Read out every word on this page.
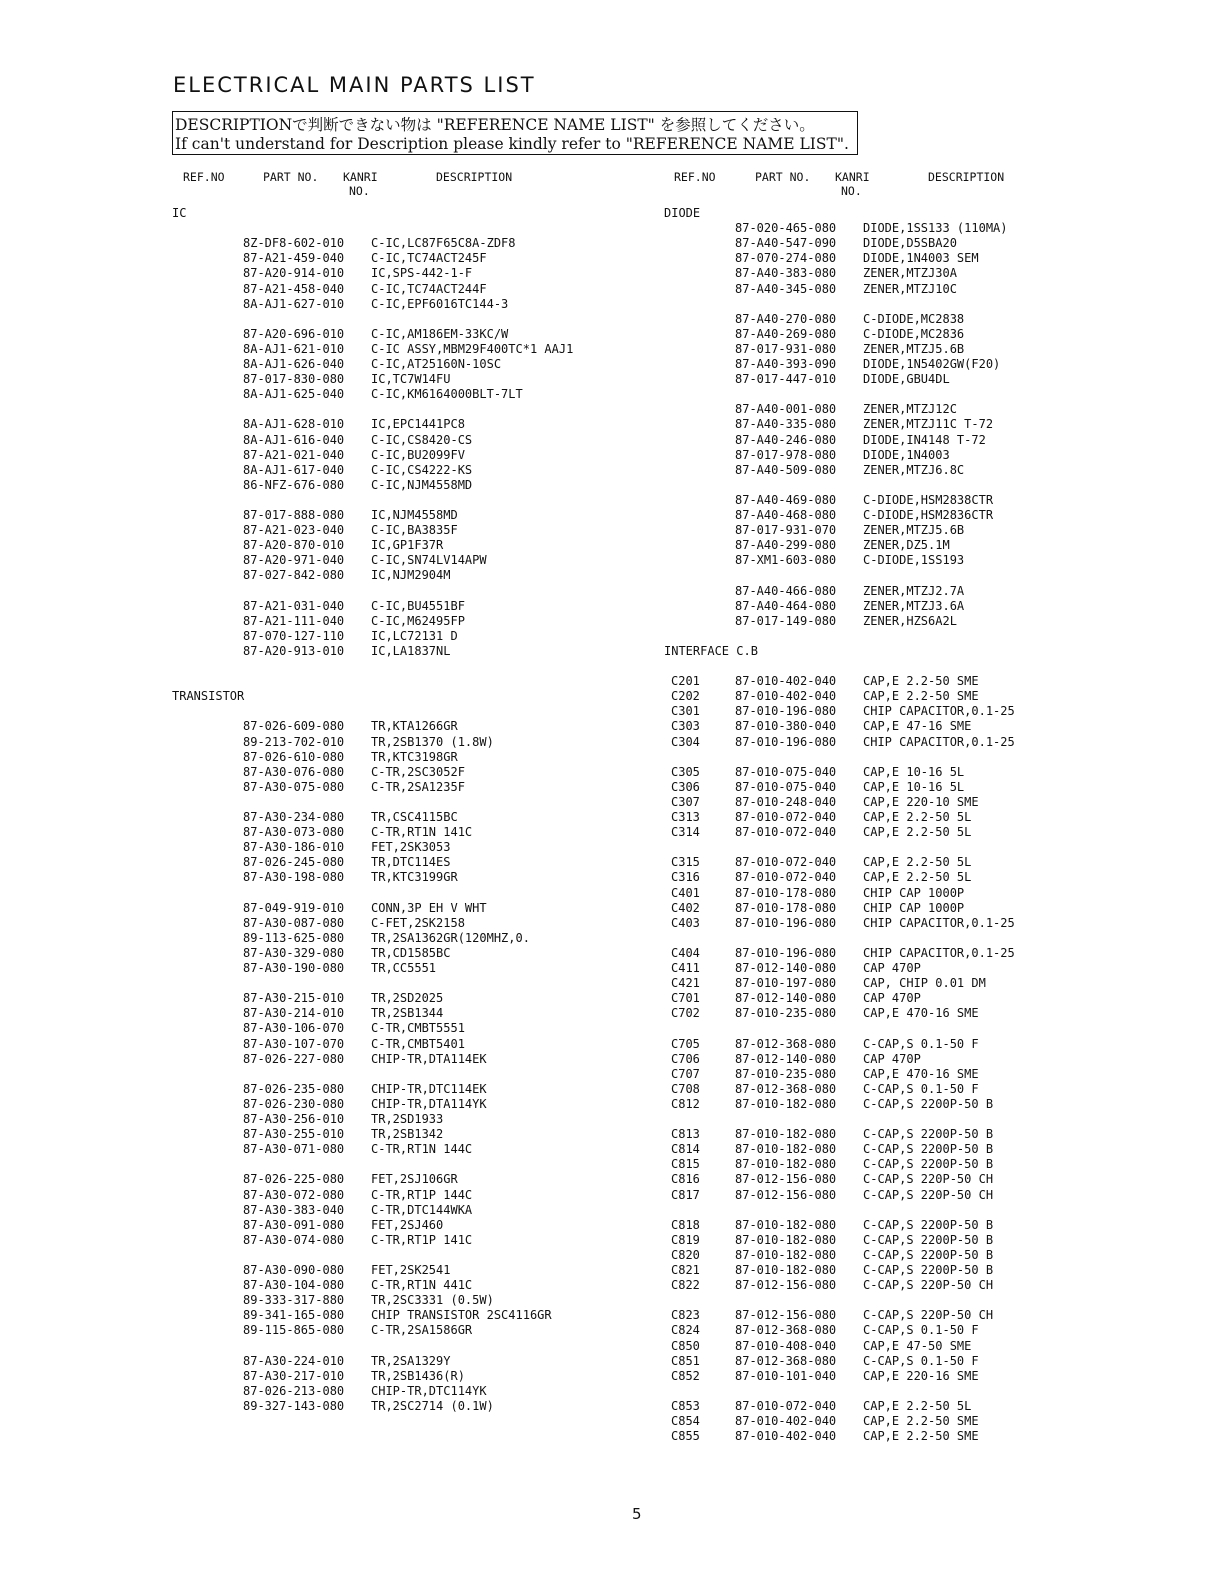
ELECTRICAL MAIN PARTS LIST
DESCRIPTIONで判断できない物は "REFERENCE NAME LIST" を参照してください。
If can't understand for Description please kindly refer to "REFERENCE NAME LIST".
REF.NO	PART NO. KANRI
NO.
DESCRIPTION	REF.NO	PART NO. KANRI
NO.
DESCRIPTION
IC
8Z-DF8-602-010 C-IC,LC87F65C8A-ZDF8
87-A21-459-040 C-IC,TC74ACT245F
87-A20-914-010 IC,SPS-442-1-F
87-A21-458-040 C-IC,TC74ACT244F
8A-AJ1-627-010 C-IC,EPF6016TC144-3
87-A20-696-010 C-IC,AM186EM-33KC/W
8A-AJ1-621-010 C-IC ASSY,MBM29F400TC*1 AAJ1
8A-AJ1-626-040 C-IC,AT25160N-10SC
87-017-830-080 IC,TC7W14FU
8A-AJ1-625-040 C-IC,KM6164000BLT-7LT
8A-AJ1-628-010 IC,EPC1441PC8
8A-AJ1-616-040 C-IC,CS8420-CS
87-A21-021-040 C-IC,BU2099FV
8A-AJ1-617-040 C-IC,CS4222-KS
86-NFZ-676-080 C-IC,NJM4558MD
87-017-888-080 IC,NJM4558MD
87-A21-023-040 C-IC,BA3835F
87-A20-870-010 IC,GP1F37R
87-A20-971-040 C-IC,SN74LV14APW
87-027-842-080 IC,NJM2904M
87-A21-031-040 C-IC,BU4551BF
87-A21-111-040 C-IC,M62495FP
87-070-127-110 IC,LC72131 D
87-A20-913-010 IC,LA1837NL
TRANSISTOR
87-026-609-080 TR,KTA1266GR
89-213-702-010 TR,2SB1370 (1.8W)
87-026-610-080 TR,KTC3198GR
87-A30-076-080 C-TR,2SC3052F
87-A30-075-080 C-TR,2SA1235F
87-A30-234-080 TR,CSC4115BC
87-A30-073-080 C-TR,RT1N 141C
87-A30-186-010 FET,2SK3053
87-026-245-080 TR,DTC114ES
87-A30-198-080 TR,KTC3199GR
87-049-919-010 CONN,3P EH V WHT
87-A30-087-080 C-FET,2SK2158
89-113-625-080 TR,2SA1362GR(120MHZ,0.
87-A30-329-080 TR,CD1585BC
87-A30-190-080 TR,CC5551
87-A30-215-010 TR,2SD2025
87-A30-214-010 TR,2SB1344
87-A30-106-070 C-TR,CMBT5551
87-A30-107-070 C-TR,CMBT5401
87-026-227-080 CHIP-TR,DTA114EK
87-026-235-080 CHIP-TR,DTC114EK
87-026-230-080 CHIP-TR,DTA114YK
87-A30-256-010 TR,2SD1933
87-A30-255-010 TR,2SB1342
87-A30-071-080 C-TR,RT1N 144C
87-026-225-080 FET,2SJ106GR
87-A30-072-080 C-TR,RT1P 144C
87-A30-383-040 C-TR,DTC144WKA
87-A30-091-080 FET,2SJ460
87-A30-074-080 C-TR,RT1P 141C
87-A30-090-080 FET,2SK2541
87-A30-104-080 C-TR,RT1N 441C
89-333-317-880 TR,2SC3331 (0.5W)
89-341-165-080 CHIP TRANSISTOR 2SC4116GR
89-115-865-080 C-TR,2SA1586GR
87-A30-224-010 TR,2SA1329Y
87-A30-217-010 TR,2SB1436(R)
87-026-213-080 CHIP-TR,DTC114YK
89-327-143-080 TR,2SC2714 (0.1W)
DIODE
87-020-465-080 DIODE,1SS133 (110MA)
87-A40-547-090 DIODE,D5SBA20
87-070-274-080 DIODE,1N4003 SEM
87-A40-383-080 ZENER,MTZJ30A
87-A40-345-080 ZENER,MTZJ10C
87-A40-270-080 C-DIODE,MC2838
87-A40-269-080 C-DIODE,MC2836
87-017-931-080 ZENER,MTZJ5.6B
87-A40-393-090 DIODE,1N5402GW(F20)
87-017-447-010 DIODE,GBU4DL
87-A40-001-080 ZENER,MTZJ12C
87-A40-335-080 ZENER,MTZJ11C T-72
87-A40-246-080 DIODE,IN4148 T-72
87-017-978-080 DIODE,1N4003
87-A40-509-080 ZENER,MTZJ6.8C
87-A40-469-080 C-DIODE,HSM2838CTR
87-A40-468-080 C-DIODE,HSM2836CTR
87-017-931-070 ZENER,MTZJ5.6B
87-A40-299-080 ZENER,DZ5.1M
87-XM1-603-080 C-DIODE,1SS193
87-A40-466-080 ZENER,MTZJ2.7A
87-A40-464-080 ZENER,MTZJ3.6A
87-017-149-080 ZENER,HZS6A2L
INTERFACE C.B
C201	87-010-402-040 CAP,E 2.2-50 SME
C202	87-010-402-040 CAP,E 2.2-50 SME
C301	87-010-196-080 CHIP CAPACITOR,0.1-25
C303	87-010-380-040 CAP,E 47-16 SME
C304	87-010-196-080 CHIP CAPACITOR,0.1-25
C305	87-010-075-040 CAP,E 10-16 5L
C306	87-010-075-040 CAP,E 10-16 5L
C307	87-010-248-040 CAP,E 220-10 SME
C313	87-010-072-040 CAP,E 2.2-50 5L
C314	87-010-072-040 CAP,E 2.2-50 5L
C315	87-010-072-040 CAP,E 2.2-50 5L
C316	87-010-072-040 CAP,E 2.2-50 5L
C401	87-010-178-080 CHIP CAP 1000P
C402	87-010-178-080 CHIP CAP 1000P
C403	87-010-196-080 CHIP CAPACITOR,0.1-25
C404	87-010-196-080 CHIP CAPACITOR,0.1-25
C411	87-012-140-080 CAP 470P
C421	87-010-197-080 CAP, CHIP 0.01 DM
C701	87-012-140-080 CAP 470P
C702	87-010-235-080 CAP,E 470-16 SME
C705	87-012-368-080 C-CAP,S 0.1-50 F
C706	87-012-140-080 CAP 470P
C707	87-010-235-080 CAP,E 470-16 SME
C708	87-012-368-080 C-CAP,S 0.1-50 F
C812	87-010-182-080 C-CAP,S 2200P-50 B
C813	87-010-182-080 C-CAP,S 2200P-50 B
C814	87-010-182-080 C-CAP,S 2200P-50 B
C815	87-010-182-080 C-CAP,S 2200P-50 B
C816	87-012-156-080 C-CAP,S 220P-50 CH
C817	87-012-156-080 C-CAP,S 220P-50 CH
C818	87-010-182-080 C-CAP,S 2200P-50 B
C819	87-010-182-080 C-CAP,S 2200P-50 B
C820	87-010-182-080 C-CAP,S 2200P-50 B
C821	87-010-182-080 C-CAP,S 2200P-50 B
C822	87-012-156-080 C-CAP,S 220P-50 CH
C823	87-012-156-080 C-CAP,S 220P-50 CH
C824	87-012-368-080 C-CAP,S 0.1-50 F
C850	87-010-408-040 CAP,E 47-50 SME
C851	87-012-368-080 C-CAP,S 0.1-50 F
C852	87-010-101-040 CAP,E 220-16 SME
C853	87-010-072-040 CAP,E 2.2-50 5L
C854	87-010-402-040 CAP,E 2.2-50 SME
C855	87-010-402-040 CAP,E 2.2-50 SME
5
